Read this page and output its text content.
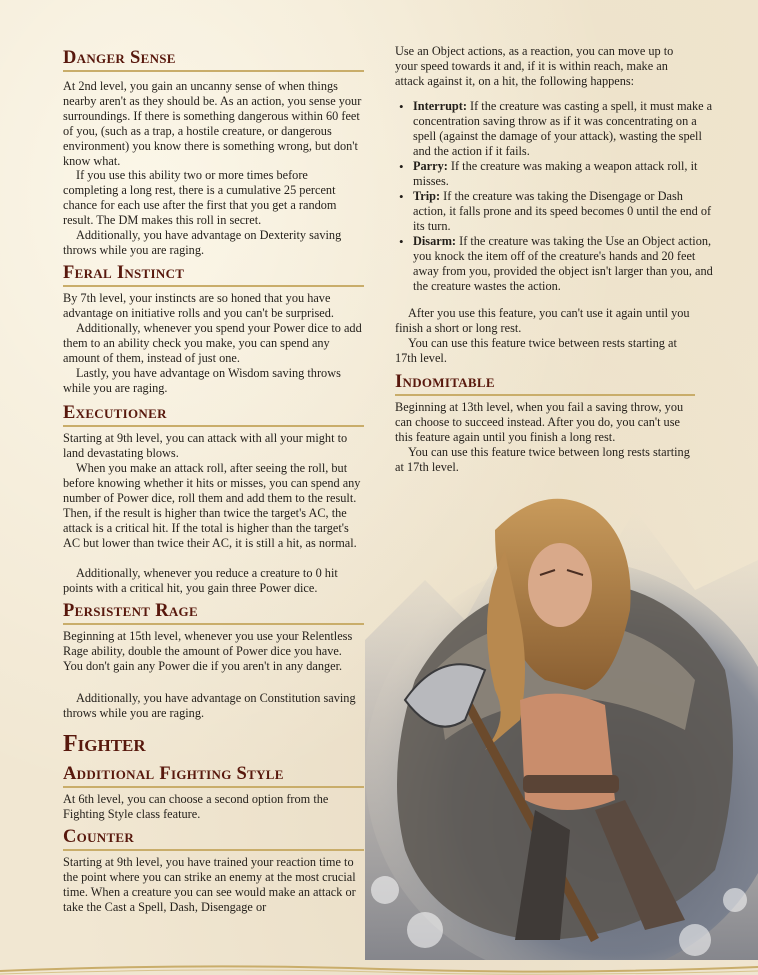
Danger Sense

At 2nd level, you gain an uncanny sense of when things nearby aren't as they should be. As an action, you sense your surroundings. If there is something dangerous within 60 feet of you, (such as a trap, a hostile creature, or dangerous environment) you know there is something wrong, but don't know what.

If you use this ability two or more times before completing a long rest, there is a cumulative 25 percent chance for each use after the first that you get a random result. The DM makes this roll in secret.

Additionally, you have advantage on Dexterity saving throws while you are raging.

Feral Instinct

By 7th level, your instincts are so honed that you have advantage on initiative rolls and you can't be surprised.

Additionally, whenever you spend your Power dice to add them to an ability check you make, you can spend any amount of them, instead of just one.

Lastly, you have advantage on Wisdom saving throws while you are raging.

Executioner

Starting at 9th level, you can attack with all your might to land devastating blows.

When you make an attack roll, after seeing the roll, but before knowing whether it hits or misses, you can spend any number of Power dice, roll them and add them to the result. Then, if the result is higher than twice the target's AC, the attack is a critical hit. If the total is higher than the target's AC but lower than twice their AC, it is still a hit, as normal.

Additionally, whenever you reduce a creature to 0 hit points with a critical hit, you gain three Power dice.

Persistent Rage

Beginning at 15th level, whenever you use your Relentless Rage ability, double the amount of Power dice you have. You don't gain any Power die if you aren't in any danger.

Additionally, you have advantage on Constitution saving throws while you are raging.

Fighter
Additional Fighting Style

At 6th level, you can choose a second option from the Fighting Style class feature.

Counter

Starting at 9th level, you have trained your reaction time to the point where you can strike an enemy at the most crucial time. When a creature you can see would make an attack or take the Cast a Spell, Dash, Disengage or

Use an Object actions, as a reaction, you can move up to your speed towards it and, if it is within reach, make an attack against it, on a hit, the following happens:

• Interrupt: If the creature was casting a spell, it must make a concentration saving throw as if it was concentrating on a spell (against the damage of your attack), wasting the spell and the action if it fails.
• Parry: If the creature was making a weapon attack roll, it misses.
• Trip: If the creature was taking the Disengage or Dash action, it falls prone and its speed becomes 0 until the end of its turn.
• Disarm: If the creature was taking the Use an Object action, you knock the item off of the creature's hands and 20 feet away from you, provided the object isn't larger than you, and the creature wastes the action.

After you use this feature, you can't use it again until you finish a short or long rest.

You can use this feature twice between rests starting at 17th level.

Indomitable

Beginning at 13th level, when you fail a saving throw, you can choose to succeed instead. After you do, you can't use this feature again until you finish a long rest.

You can use this feature twice between long rests starting at 17th level.
